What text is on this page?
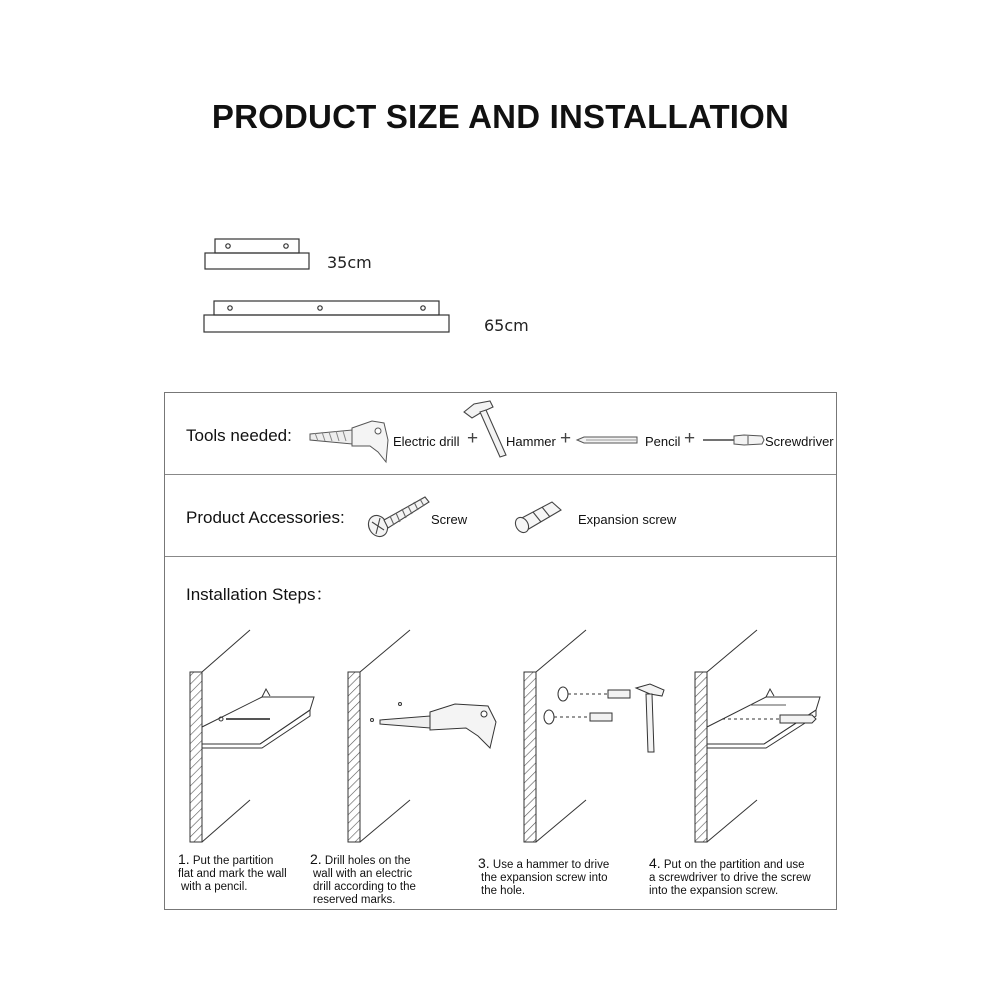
PRODUCT SIZE AND INSTALLATION
35cm
65cm
Tools needed:	Electric drill + Hammer +	Pencil +	Screwdriver
Product Accessories:	Screw	Expansion screw
Installation Steps：
1. Put the partition
flat and mark the wall
with a pencil.
2. Drill holes on the
wall with an electric
drill according to the
reserved marks.
3. Use a hammer to drive
the expansion screw into
the hole.
4. Put on the partition and use
a screwdriver to drive the screw
into the expansion screw.
